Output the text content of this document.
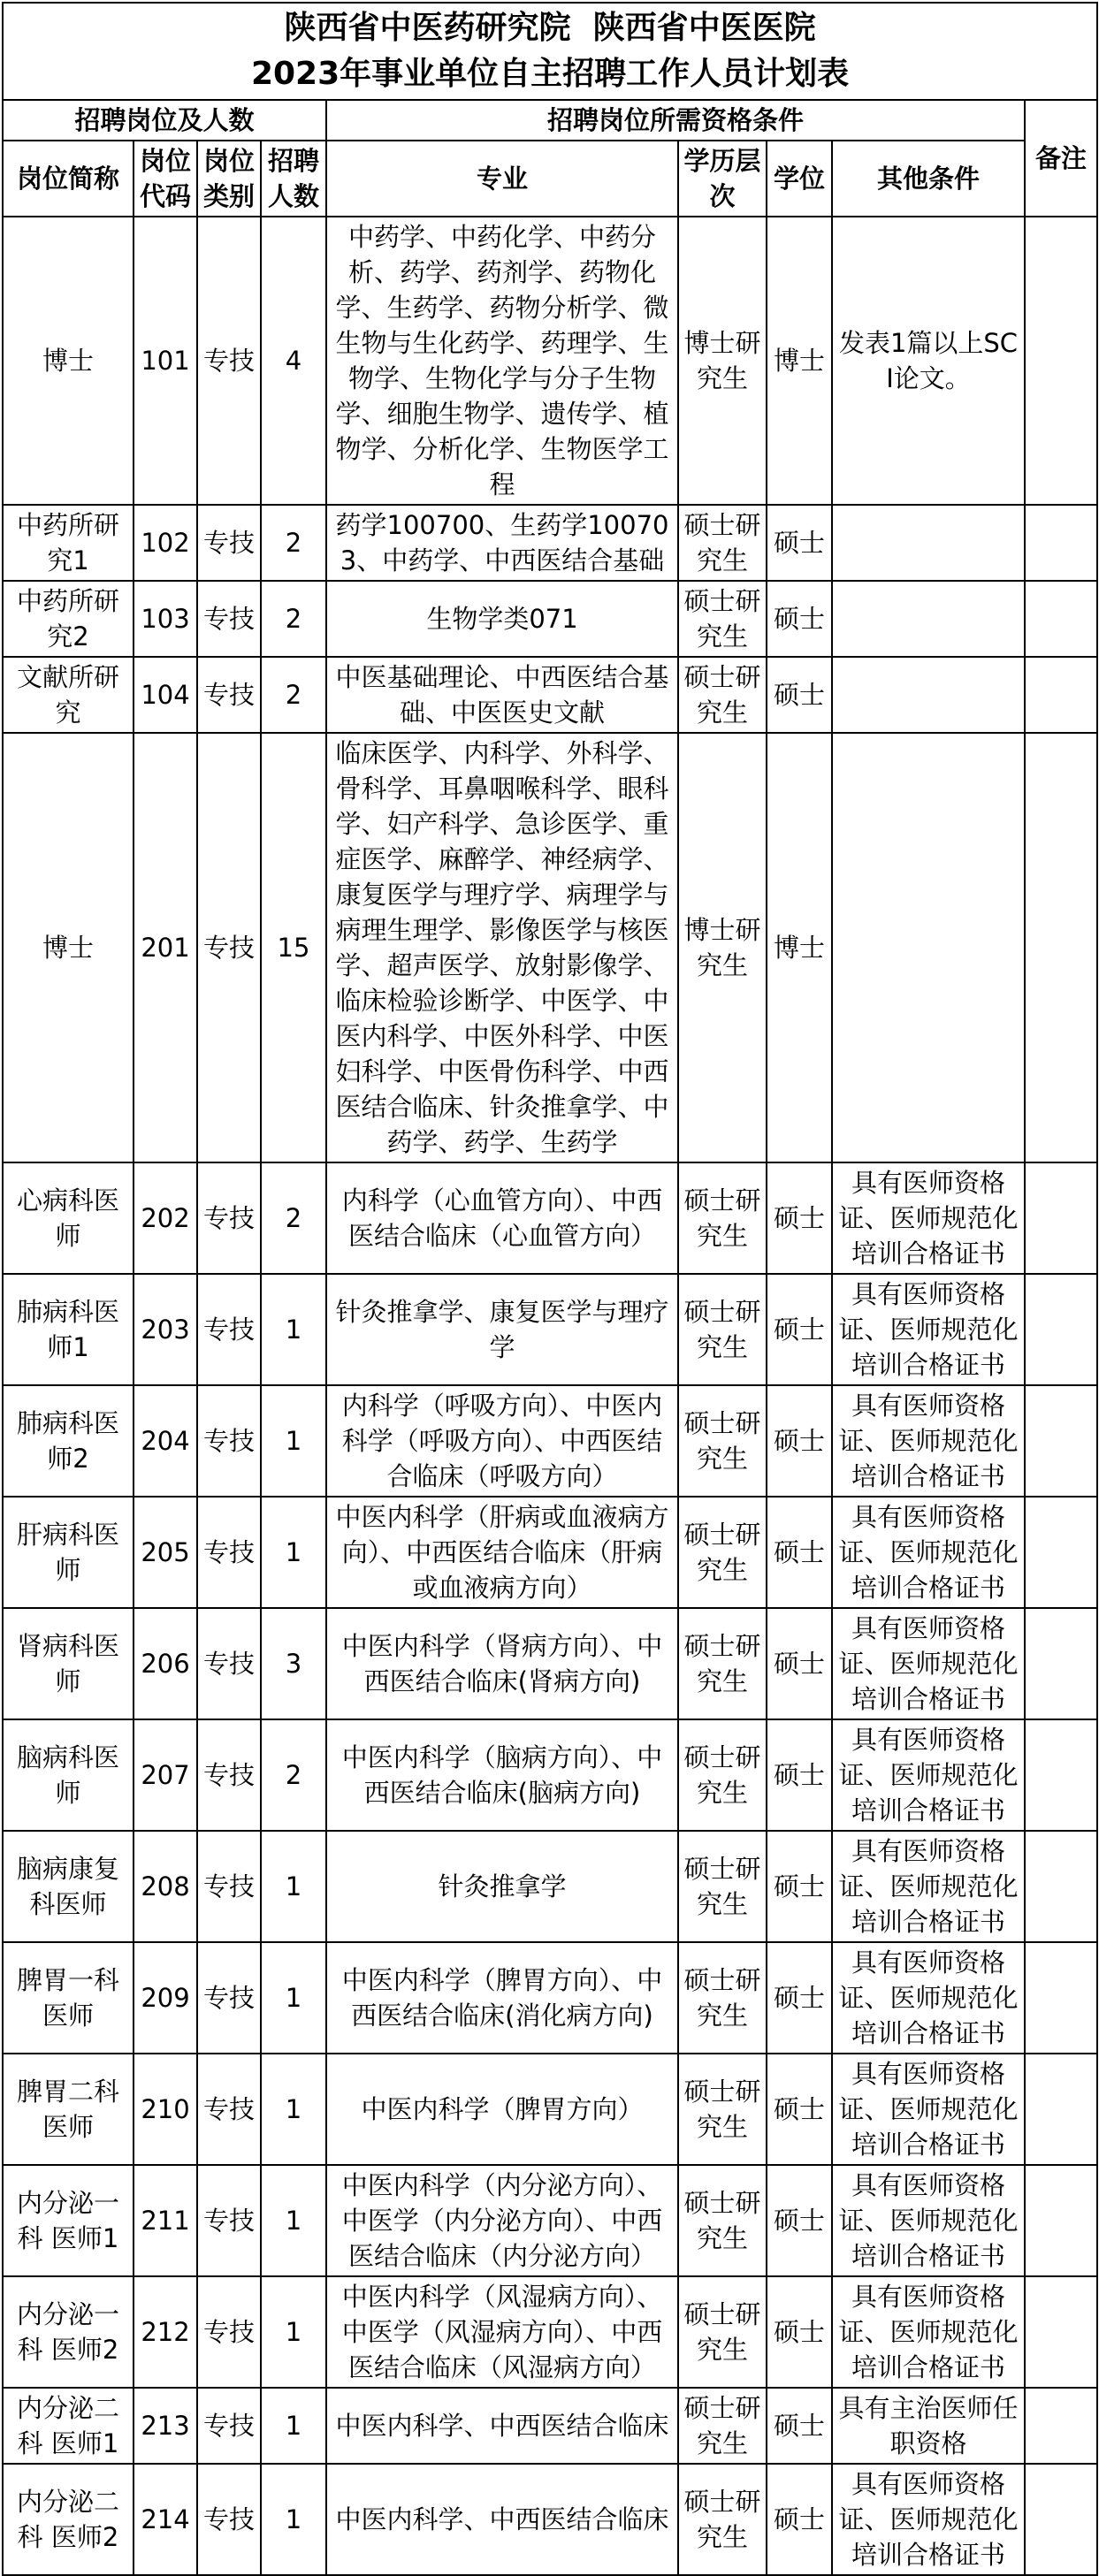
陕西省中医药研究院  陕西省中医医院
2023年事业单位自主招聘工作人员计划表								

招聘岗位及人数				招聘岗位所需资格条件				备注
岗位简称	岗位代码	岗位类别	招聘人数	专业	学历层次	学位	其他条件	
博士	101	专技	4	中药学、中药化学、中药分析、药学、药剂学、药物化学、生药学、药物分析学、微生物与生化药学、药理学、生物学、生物化学与分子生物学、细胞生物学、遗传学、植物学、分析化学、生物医学工程	博士研究生	博士	发表1篇以上SCI论文。	
中药所研究1	102	专技	2	药学100700、生药学100703、中药学、中西医结合基础	硕士研究生	硕士		
中药所研究2	103	专技	2	生物学类071	硕士研究生	硕士		
文献所研究	104	专技	2	中医基础理论、中西医结合基础、中医医史文献	硕士研究生	硕士		
博士	201	专技	15	临床医学、内科学、外科学、骨科学、耳鼻咽喉科学、眼科学、妇产科学、急诊医学、重症医学、麻醉学、神经病学、康复医学与理疗学、病理学与病理生理学、影像医学与核医学、超声医学、放射影像学、临床检验诊断学、中医学、中医内科学、中医外科学、中医妇科学、中医骨伤科学、中西医结合临床、针灸推拿学、中药学、药学、生药学	博士研究生	博士		
心病科医师	202	专技	2	内科学（心血管方向）、中西医结合临床（心血管方向）	硕士研究生	硕士	具有医师资格证、医师规范化培训合格证书	
肺病科医师1	203	专技	1	针灸推拿学、康复医学与理疗学	硕士研究生	硕士	具有医师资格证、医师规范化培训合格证书	
肺病科医师2	204	专技	1	内科学（呼吸方向）、中医内科学（呼吸方向）、中西医结合临床（呼吸方向）	硕士研究生	硕士	具有医师资格证、医师规范化培训合格证书	
肝病科医师	205	专技	1	中医内科学（肝病或血液病方向）、中西医结合临床（肝病或血液病方向）	硕士研究生	硕士	具有医师资格证、医师规范化培训合格证书	
肾病科医师	206	专技	3	中医内科学（肾病方向）、中西医结合临床(肾病方向)	硕士研究生	硕士	具有医师资格证、医师规范化培训合格证书	
脑病科医师	207	专技	2	中医内科学（脑病方向）、中西医结合临床(脑病方向)	硕士研究生	硕士	具有医师资格证、医师规范化培训合格证书	
脑病康复科医师	208	专技	1	针灸推拿学	硕士研究生	硕士	具有医师资格证、医师规范化培训合格证书	
脾胃一科医师	209	专技	1	中医内科学（脾胃方向）、中西医结合临床(消化病方向)	硕士研究生	硕士	具有医师资格证、医师规范化培训合格证书	
脾胃二科医师	210	专技	1	中医内科学（脾胃方向）	硕士研究生	硕士	具有医师资格证、医师规范化培训合格证书	
内分泌一科 医师1	211	专技	1	中医内科学（内分泌方向）、中医学（内分泌方向）、中西医结合临床（内分泌方向）	硕士研究生	硕士	具有医师资格证、医师规范化培训合格证书	
内分泌一科 医师2	212	专技	1	中医内科学（风湿病方向）、中医学（风湿病方向）、中西医结合临床（风湿病方向）	硕士研究生	硕士	具有医师资格证、医师规范化培训合格证书	
内分泌二科 医师1	213	专技	1	中医内科学、中西医结合临床	硕士研究生	硕士	具有主治医师任职资格	
内分泌二科 医师2	214	专技	1	中医内科学、中西医结合临床	硕士研究生	硕士	具有医师资格证、医师规范化培训合格证书	
